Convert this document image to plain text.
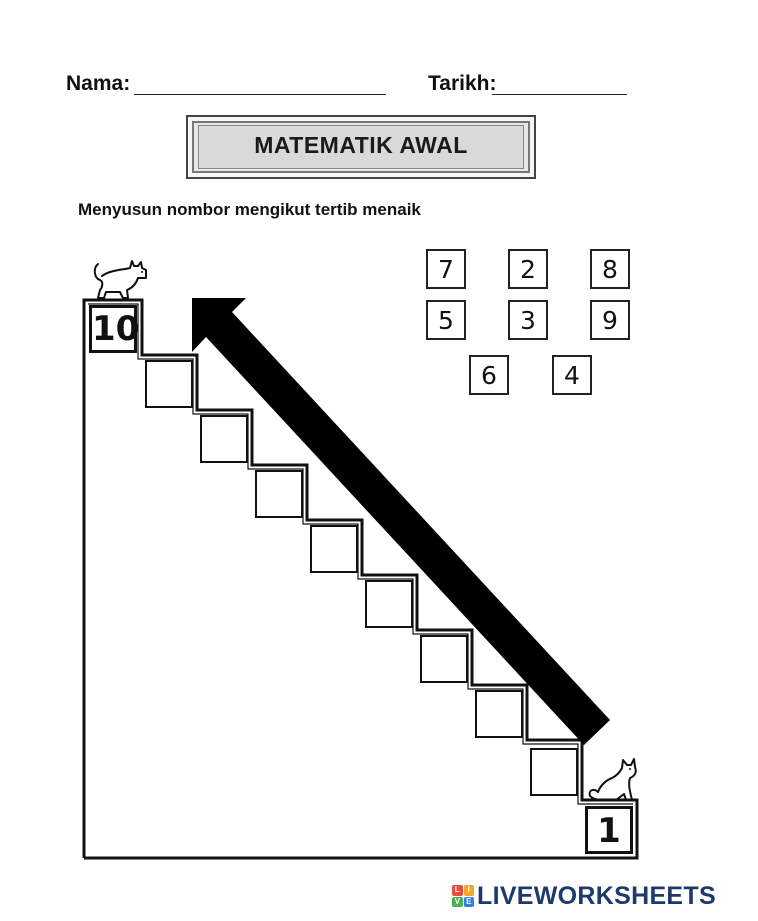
Nama:	Tarikh:
MATEMATIK AWAL
Menyusun nombor mengikut tertib menaik
7	2	8
5	3	9
6	4
10
1
L I
V E LIVEWORKSHEETS
